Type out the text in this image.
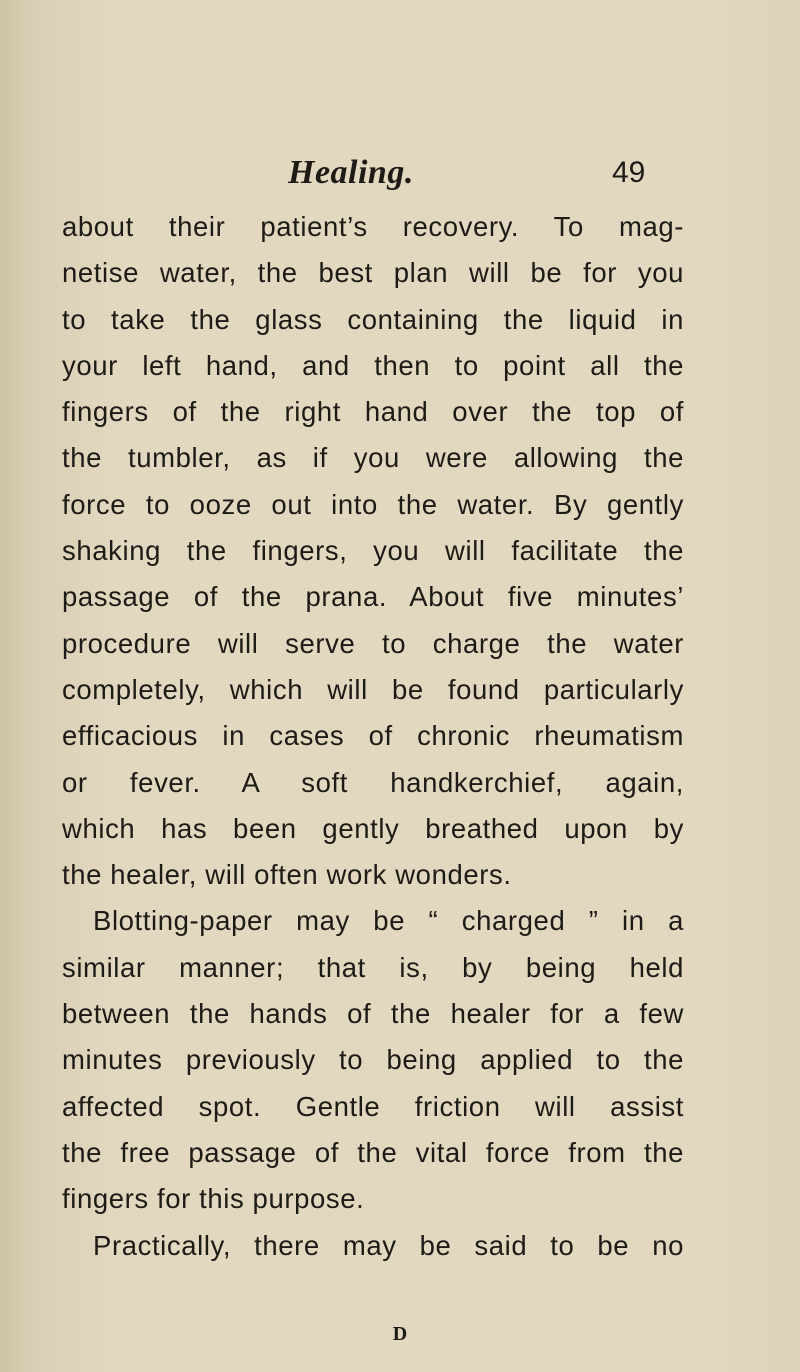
Healing.	49
about their patient’s recovery. To mag-
netise water, the best plan will be for you
to take the glass containing the liquid in
your left hand, and then to point all the
fingers of the right hand over the top of
the tumbler, as if you were allowing the
force to ooze out into the water. By gently
shaking the fingers, you will facilitate the
passage of the prana. About five minutes’
procedure will serve to charge the water
completely, which will be found particularly
efficacious in cases of chronic rheumatism
or fever. A soft handkerchief, again,
which has been gently breathed upon by
the healer, will often work wonders.
Blotting-paper may be “ charged ” in a
similar manner; that is, by being held
between the hands of the healer for a few
minutes previously to being applied to the
affected spot. Gentle friction will assist
the free passage of the vital force from the
fingers for this purpose.
Practically, there may be said to be no
D
